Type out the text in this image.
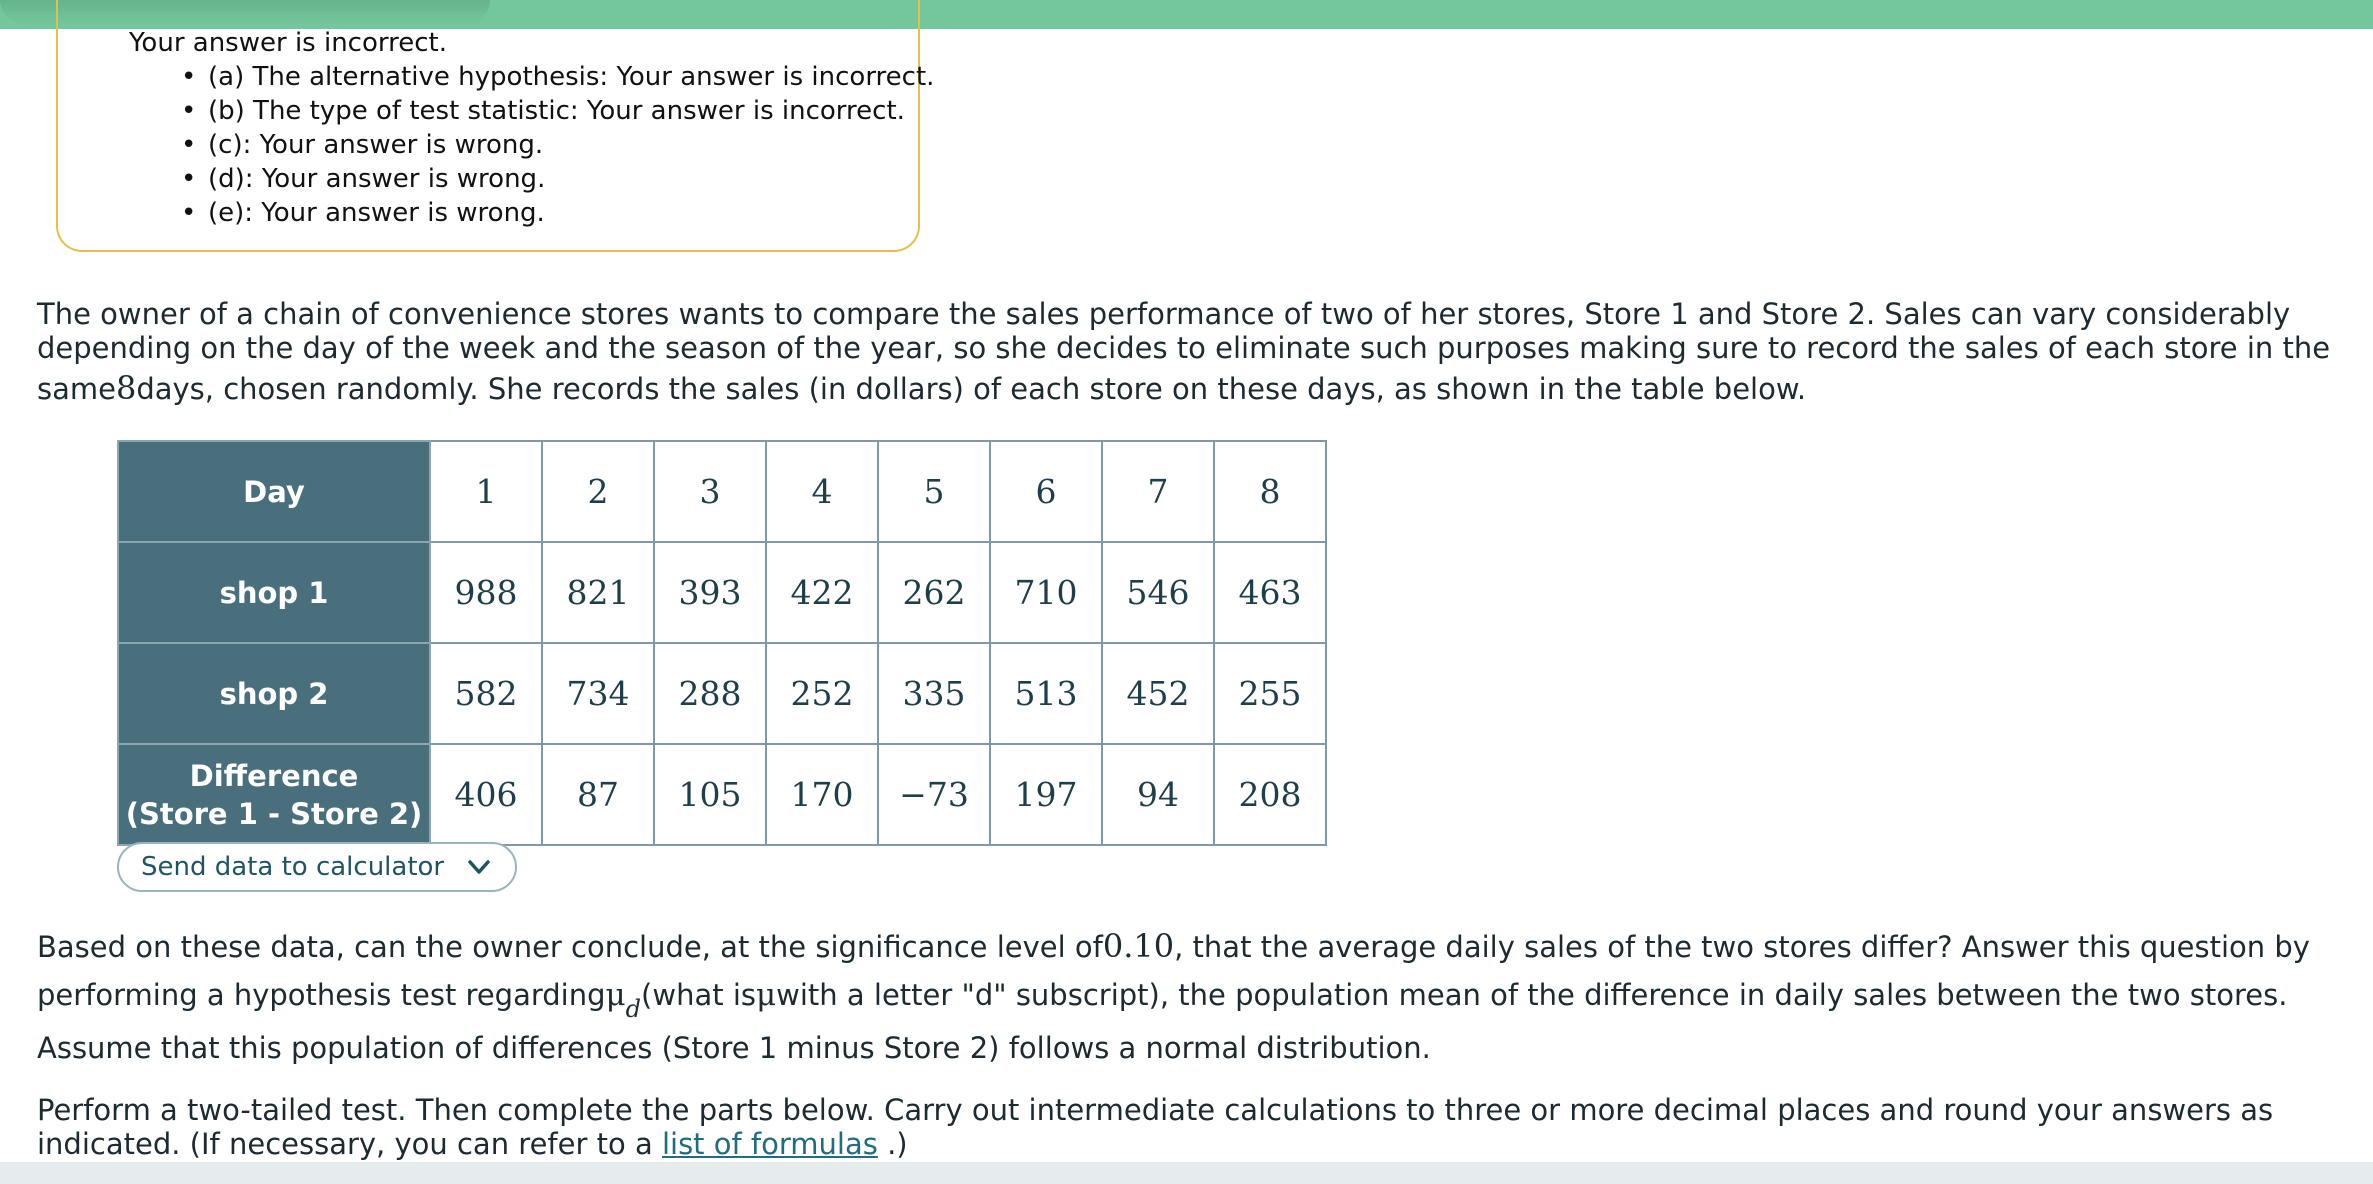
Your answer is incorrect.
• (a) The alternative hypothesis: Your answer is incorrect.
• (b) The type of test statistic: Your answer is incorrect.
• (c): Your answer is wrong.
• (d): Your answer is wrong.
• (e): Your answer is wrong.
The owner of a chain of convenience stores wants to compare the sales performance of two of her stores, Store 1 and Store 2. Sales can vary considerably
depending on the day of the week and the season of the year, so she decides to eliminate such purposes making sure to record the sales of each store in the
same8days, chosen randomly. She records the sales (in dollars) of each store on these days, as shown in the table below.
Day	1	2	3	4	5	6	7	8
shop 1	988	821	393	422	262	710	546	463
shop 2	582	734	288	252	335	513	452	255
Difference
(Store 1 - Store 2)	406	87	105	170	−73	197	94	208
Send data to calculator
Based on these data, can the owner conclude, at the significance level of0.10, that the average daily sales of the two stores differ? Answer this question by
performing a hypothesis test regardingμ$_d$(what isμwith a letter "d" subscript), the population mean of the difference in daily sales between the two stores.
Assume that this population of differences (Store 1 minus Store 2) follows a normal distribution.
Perform a two-tailed test. Then complete the parts below. Carry out intermediate calculations to three or more decimal places and round your answers as
indicated. (If necessary, you can refer to a list of formulas .)
